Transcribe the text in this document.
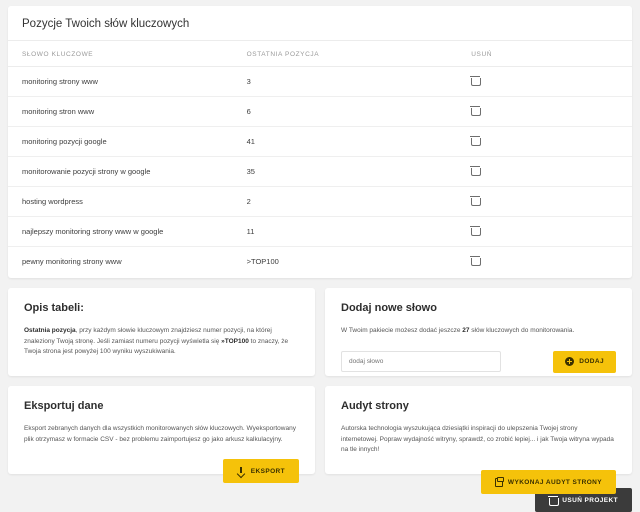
Pozycje Twoich słów kluczowych
SŁOWO KLUCZOWE	OSTATNIA POZYCJA	USUŃ
monitoring strony www	3	
monitoring stron www	6	
monitoring pozycji google	41	
monitorowanie pozycji strony w google	35	
hosting wordpress	2	
najlepszy monitoring strony www w google	11	
pewny monitoring strony www	>TOP100	
Opis tabeli:

Ostatnia pozycja, przy każdym słowie kluczowym znajdziesz numer pozycji, na której znaleziony Twoją stronę. Jeśli zamiast numeru pozycji wyświetla się »TOP100 to znaczy, że Twoja strona jest powyżej 100 wyniku wyszukiwania.

Eksportuj dane

Eksport zebranych danych dla wszystkich monitorowanych słów kluczowych. Wyeksportowany plik otrzymasz w formacie CSV - bez problemu zaimportujesz go jako arkusz kalkulacyjny.

EKSPORT
Dodaj nowe słowo

W Twoim pakiecie możesz dodać jeszcze 27 słów kluczowych do monitorowania.

dodaj słowo
DODAJ
Audyt strony

Autorska technologia wyszukująca dziesiątki inspiracji do ulepszenia Twojej strony internetowej. Popraw wydajność witryny, sprawdź, co zrobić lepiej... i jak Twoja witryna wypada na tle innych!

WYKONAJ AUDYT STRONY
USUŃ PROJEKT
